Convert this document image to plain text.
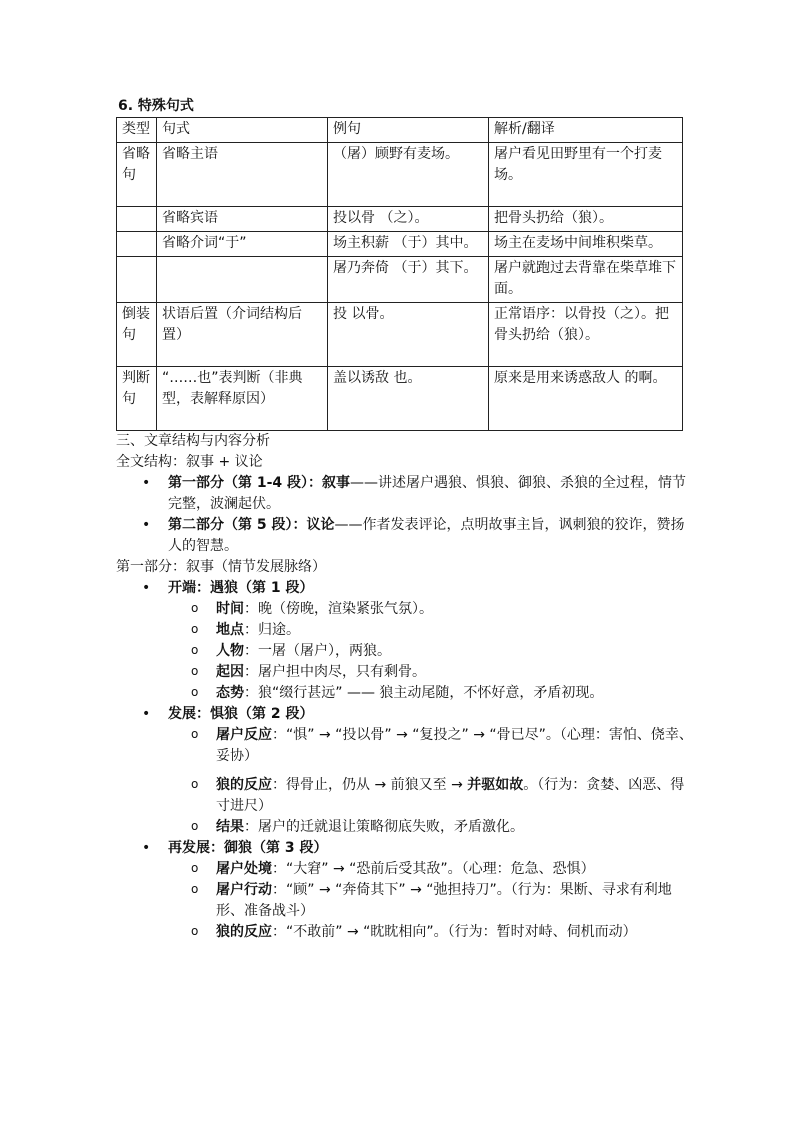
6. 特殊句式
类型	句式	例句	解析/翻译
省略句	省略主语	（屠）顾野有麦场。	屠户看见田野里有一个打麦场。
	省略宾语	投以骨 （之）。	把骨头扔给（狼）。
	省略介词“于”	场主积薪 （于）其中。	场主在麦场中间堆积柴草。
		屠乃奔倚 （于）其下。	屠户就跑过去背靠在柴草堆下面。
倒装句	状语后置（介词结构后置）	投 以骨。	正常语序：以骨投（之）。把骨头扔给（狼）。
判断句	“……也”表判断（非典型，表解释原因）	盖以诱敌 也。	原来是用来诱惑敌人 的啊。

三、文章结构与内容分析

全文结构：叙事 + 议论

• 第一部分（第 1-4 段）：叙事——讲述屠户遇狼、惧狼、御狼、杀狼的全过程，情节完整，波澜起伏。
• 第二部分（第 5 段）：议论——作者发表评论，点明故事主旨，讽刺狼的狡诈，赞扬人的智慧。

第一部分：叙事（情节发展脉络）

• 开端：遇狼（第 1 段）
o 时间：晚（傍晚，渲染紧张气氛）。
o 地点：归途。
o 人物：一屠（屠户），两狼。
o 起因：屠户担中肉尽，只有剩骨。
o 态势：狼“缀行甚远” —— 狼主动尾随，不怀好意，矛盾初现。
• 发展：惧狼（第 2 段）
o 屠户反应：“惧” → “投以骨” → “复投之” → “骨已尽”。（心理：害怕、侥幸、妥协）
o 狼的反应：得骨止，仍从 → 前狼又至 → 并驱如故。（行为：贪婪、凶恶、得寸进尺）
o 结果：屠户的迁就退让策略彻底失败，矛盾激化。
• 再发展：御狼（第 3 段）
o 屠户处境：“大窘” → “恐前后受其敌”。（心理：危急、恐惧）
o 屠户行动：“顾” → “奔倚其下” → “弛担持刀”。（行为：果断、寻求有利地形、准备战斗）
o 狼的反应：“不敢前” → “眈眈相向”。（行为：暂时对峙、伺机而动）
